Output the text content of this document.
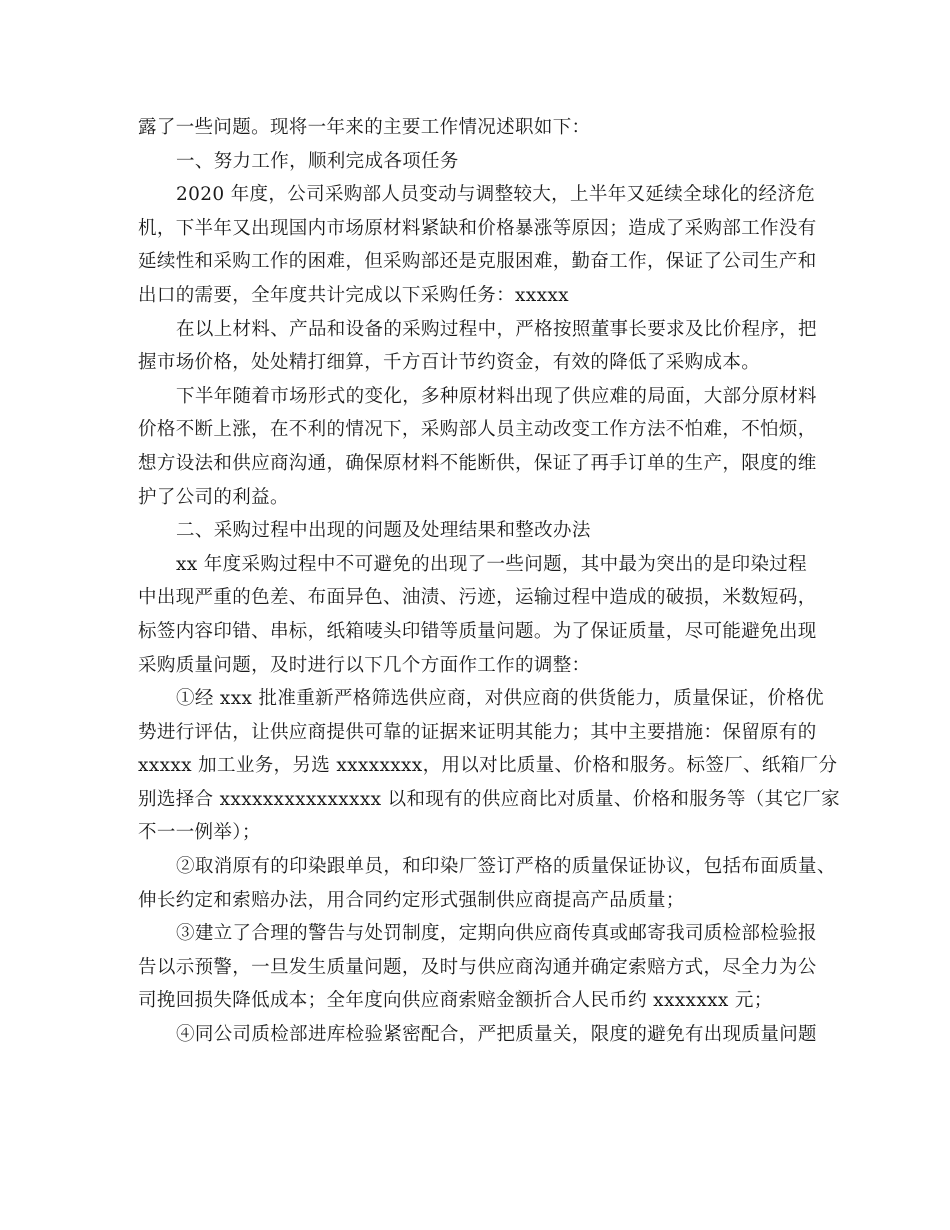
露了一些问题。现将一年来的主要工作情况述职如下：
一、努力工作，顺利完成各项任务
2020 年度，公司采购部人员变动与调整较大，上半年又延续全球化的经济危
机，下半年又出现国内市场原材料紧缺和价格暴涨等原因；造成了采购部工作没有
延续性和采购工作的困难，但采购部还是克服困难，勤奋工作，保证了公司生产和
出口的需要，全年度共计完成以下采购任务：xxxxx
在以上材料、产品和设备的采购过程中，严格按照董事长要求及比价程序，把
握市场价格，处处精打细算，千方百计节约资金，有效的降低了采购成本。
下半年随着市场形式的变化，多种原材料出现了供应难的局面，大部分原材料
价格不断上涨，在不利的情况下，采购部人员主动改变工作方法不怕难，不怕烦，
想方设法和供应商沟通，确保原材料不能断供，保证了再手订单的生产，限度的维
护了公司的利益。
二、采购过程中出现的问题及处理结果和整改办法
xx 年度采购过程中不可避免的出现了一些问题，其中最为突出的是印染过程
中出现严重的色差、布面异色、油渍、污迹，运输过程中造成的破损，米数短码，
标签内容印错、串标，纸箱唛头印错等质量问题。为了保证质量，尽可能避免出现
采购质量问题，及时进行以下几个方面作工作的调整：
①经 xxx 批准重新严格筛选供应商，对供应商的供货能力，质量保证，价格优
势进行评估，让供应商提供可靠的证据来证明其能力；其中主要措施：保留原有的
xxxxx 加工业务，另选 xxxxxxxx，用以对比质量、价格和服务。标签厂、纸箱厂分
别选择合 xxxxxxxxxxxxxxx 以和现有的供应商比对质量、价格和服务等（其它厂家
不一一例举）；
②取消原有的印染跟单员，和印染厂签订严格的质量保证协议，包括布面质量、
伸长约定和索赔办法，用合同约定形式强制供应商提高产品质量；
③建立了合理的警告与处罚制度，定期向供应商传真或邮寄我司质检部检验报
告以示预警，一旦发生质量问题，及时与供应商沟通并确定索赔方式，尽全力为公
司挽回损失降低成本；全年度向供应商索赔金额折合人民币约 xxxxxxx 元；
④同公司质检部进库检验紧密配合，严把质量关，限度的避免有出现质量问题
